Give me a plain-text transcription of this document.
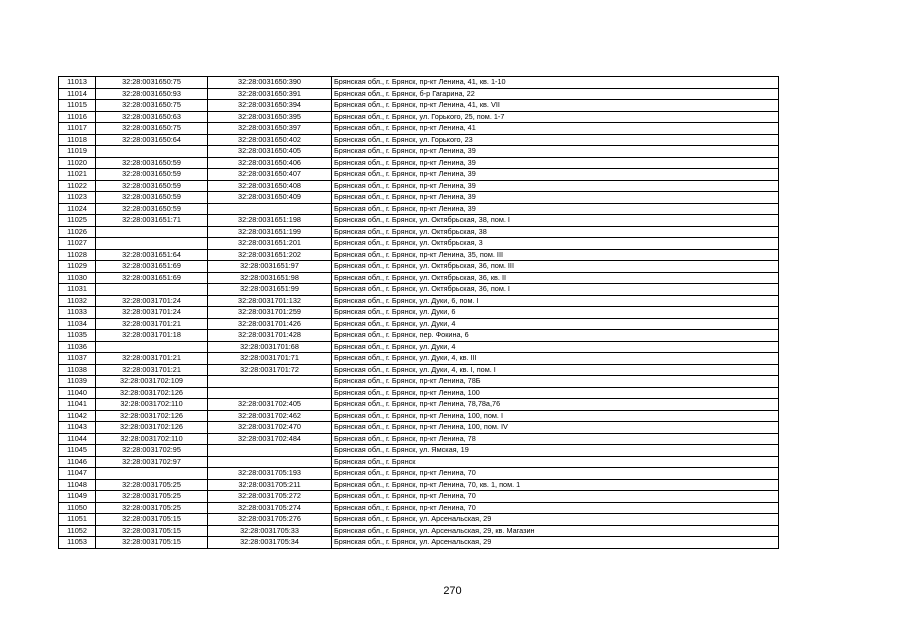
11013	32:28:0031650:75	32:28:0031650:390	Брянская обл., г. Брянск, пр-кт Ленина, 41, кв. 1-10
11014	32:28:0031650:93	32:28:0031650:391	Брянская обл., г. Брянск, б-р Гагарина, 22
11015	32:28:0031650:75	32:28:0031650:394	Брянская обл., г. Брянск, пр-кт Ленина, 41, кв. VII
11016	32:28:0031650:63	32:28:0031650:395	Брянская обл., г. Брянск, ул. Горького, 25, пом. 1-7
11017	32:28:0031650:75	32:28:0031650:397	Брянская обл., г. Брянск, пр-кт Ленина, 41
11018	32:28:0031650:64	32:28:0031650:402	Брянская обл., г. Брянск, ул. Горького, 23
11019		32:28:0031650:405	Брянская обл., г. Брянск, пр-кт Ленина, 39
11020	32:28:0031650:59	32:28:0031650:406	Брянская обл., г. Брянск, пр-кт Ленина, 39
11021	32:28:0031650:59	32:28:0031650:407	Брянская обл., г. Брянск, пр-кт Ленина, 39
11022	32:28:0031650:59	32:28:0031650:408	Брянская обл., г. Брянск, пр-кт Ленина, 39
11023	32:28:0031650:59	32:28:0031650:409	Брянская обл., г. Брянск, пр-кт Ленина, 39
11024	32:28:0031650:59		Брянская обл., г. Брянск, пр-кт Ленина, 39
11025	32:28:0031651:71	32:28:0031651:198	Брянская обл., г. Брянск, ул. Октябрьская, 38, пом. I
11026		32:28:0031651:199	Брянская обл., г. Брянск, ул. Октябрьская, 38
11027		32:28:0031651:201	Брянская обл., г. Брянск, ул. Октябрьская, 3
11028	32:28:0031651:64	32:28:0031651:202	Брянская обл., г. Брянск, пр-кт Ленина, 35, пом. III
11029	32:28:0031651:69	32:28:0031651:97	Брянская обл., г. Брянск, ул. Октябрьская, 36, пом. III
11030	32:28:0031651:69	32:28:0031651:98	Брянская обл., г. Брянск, ул. Октябрьская, 36, кв. II
11031		32:28:0031651:99	Брянская обл., г. Брянск, ул. Октябрьская, 36, пом. I
11032	32:28:0031701:24	32:28:0031701:132	Брянская обл., г. Брянск, ул. Дуки, 6, пом. I
11033	32:28:0031701:24	32:28:0031701:259	Брянская обл., г. Брянск, ул. Дуки, 6
11034	32:28:0031701:21	32:28:0031701:426	Брянская обл., г. Брянск, ул. Дуки, 4
11035	32:28:0031701:18	32:28:0031701:428	Брянская обл., г. Брянск, пер. Фокина, 6
11036		32:28:0031701:68	Брянская обл., г. Брянск, ул. Дуки, 4
11037	32:28:0031701:21	32:28:0031701:71	Брянская обл., г. Брянск, ул. Дуки, 4, кв. III
11038	32:28:0031701:21	32:28:0031701:72	Брянская обл., г. Брянск, ул. Дуки, 4, кв. I, пом. I
11039	32:28:0031702:109		Брянская обл., г. Брянск, пр-кт Ленина, 78Б
11040	32:28:0031702:126		Брянская обл., г. Брянск, пр-кт Ленина, 100
11041	32:28:0031702:110	32:28:0031702:405	Брянская обл., г. Брянск, пр-кт Ленина, 78,78а,76
11042	32:28:0031702:126	32:28:0031702:462	Брянская обл., г. Брянск, пр-кт Ленина, 100, пом. I
11043	32:28:0031702:126	32:28:0031702:470	Брянская обл., г. Брянск, пр-кт Ленина, 100, пом. IV
11044	32:28:0031702:110	32:28:0031702:484	Брянская обл., г. Брянск, пр-кт Ленина, 78
11045	32:28:0031702:95		Брянская обл., г. Брянск, ул. Ямская, 19
11046	32:28:0031702:97		Брянская обл., г. Брянск
11047		32:28:0031705:193	Брянская обл., г. Брянск, пр-кт Ленина, 70
11048	32:28:0031705:25	32:28:0031705:211	Брянская обл., г. Брянск, пр-кт Ленина, 70, кв. 1, пом. 1
11049	32:28:0031705:25	32:28:0031705:272	Брянская обл., г. Брянск, пр-кт Ленина, 70
11050	32:28:0031705:25	32:28:0031705:274	Брянская обл., г. Брянск, пр-кт Ленина, 70
11051	32:28:0031705:15	32:28:0031705:276	Брянская обл., г. Брянск, ул. Арсенальская, 29
11052	32:28:0031705:15	32:28:0031705:33	Брянская обл., г. Брянск, ул. Арсенальская, 29, кв. Магазин
11053	32:28:0031705:15	32:28:0031705:34	Брянская обл., г. Брянск, ул. Арсенальская, 29
270
